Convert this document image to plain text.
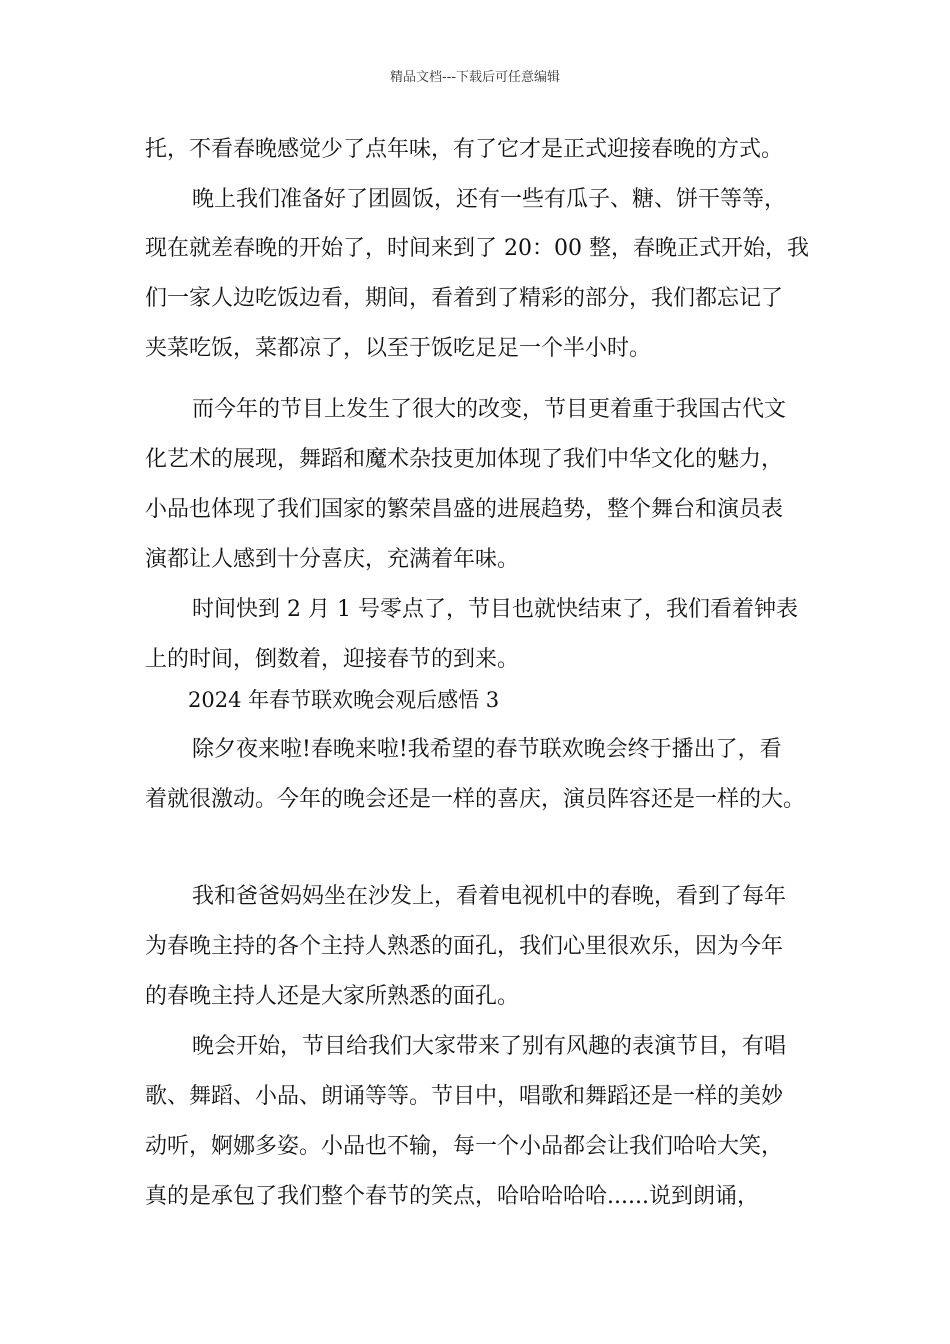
精品文档---下载后可任意编辑
托，不看春晚感觉少了点年味，有了它才是正式迎接春晚的方式。
晚上我们准备好了团圆饭，还有一些有瓜子、糖、饼干等等，
现在就差春晚的开始了，时间来到了 20：00 整，春晚正式开始，我
们一家人边吃饭边看，期间，看着到了精彩的部分，我们都忘记了
夹菜吃饭，菜都凉了，以至于饭吃足足一个半小时。
而今年的节目上发生了很大的改变，节目更着重于我国古代文
化艺术的展现，舞蹈和魔术杂技更加体现了我们中华文化的魅力，
小品也体现了我们国家的繁荣昌盛的进展趋势，整个舞台和演员表
演都让人感到十分喜庆，充满着年味。
时间快到 2 月 1 号零点了，节目也就快结束了，我们看着钟表
上的时间，倒数着，迎接春节的到来。
2024 年春节联欢晚会观后感悟 3
除夕夜来啦!春晚来啦!我希望的春节联欢晚会终于播出了，看
着就很激动。今年的晚会还是一样的喜庆，演员阵容还是一样的大。
我和爸爸妈妈坐在沙发上，看着电视机中的春晚，看到了每年
为春晚主持的各个主持人熟悉的面孔，我们心里很欢乐，因为今年
的春晚主持人还是大家所熟悉的面孔。
晚会开始，节目给我们大家带来了别有风趣的表演节目，有唱
歌、舞蹈、小品、朗诵等等。节目中，唱歌和舞蹈还是一样的美妙
动听，婀娜多姿。小品也不输，每一个小品都会让我们哈哈大笑，
真的是承包了我们整个春节的笑点，哈哈哈哈哈......说到朗诵，
